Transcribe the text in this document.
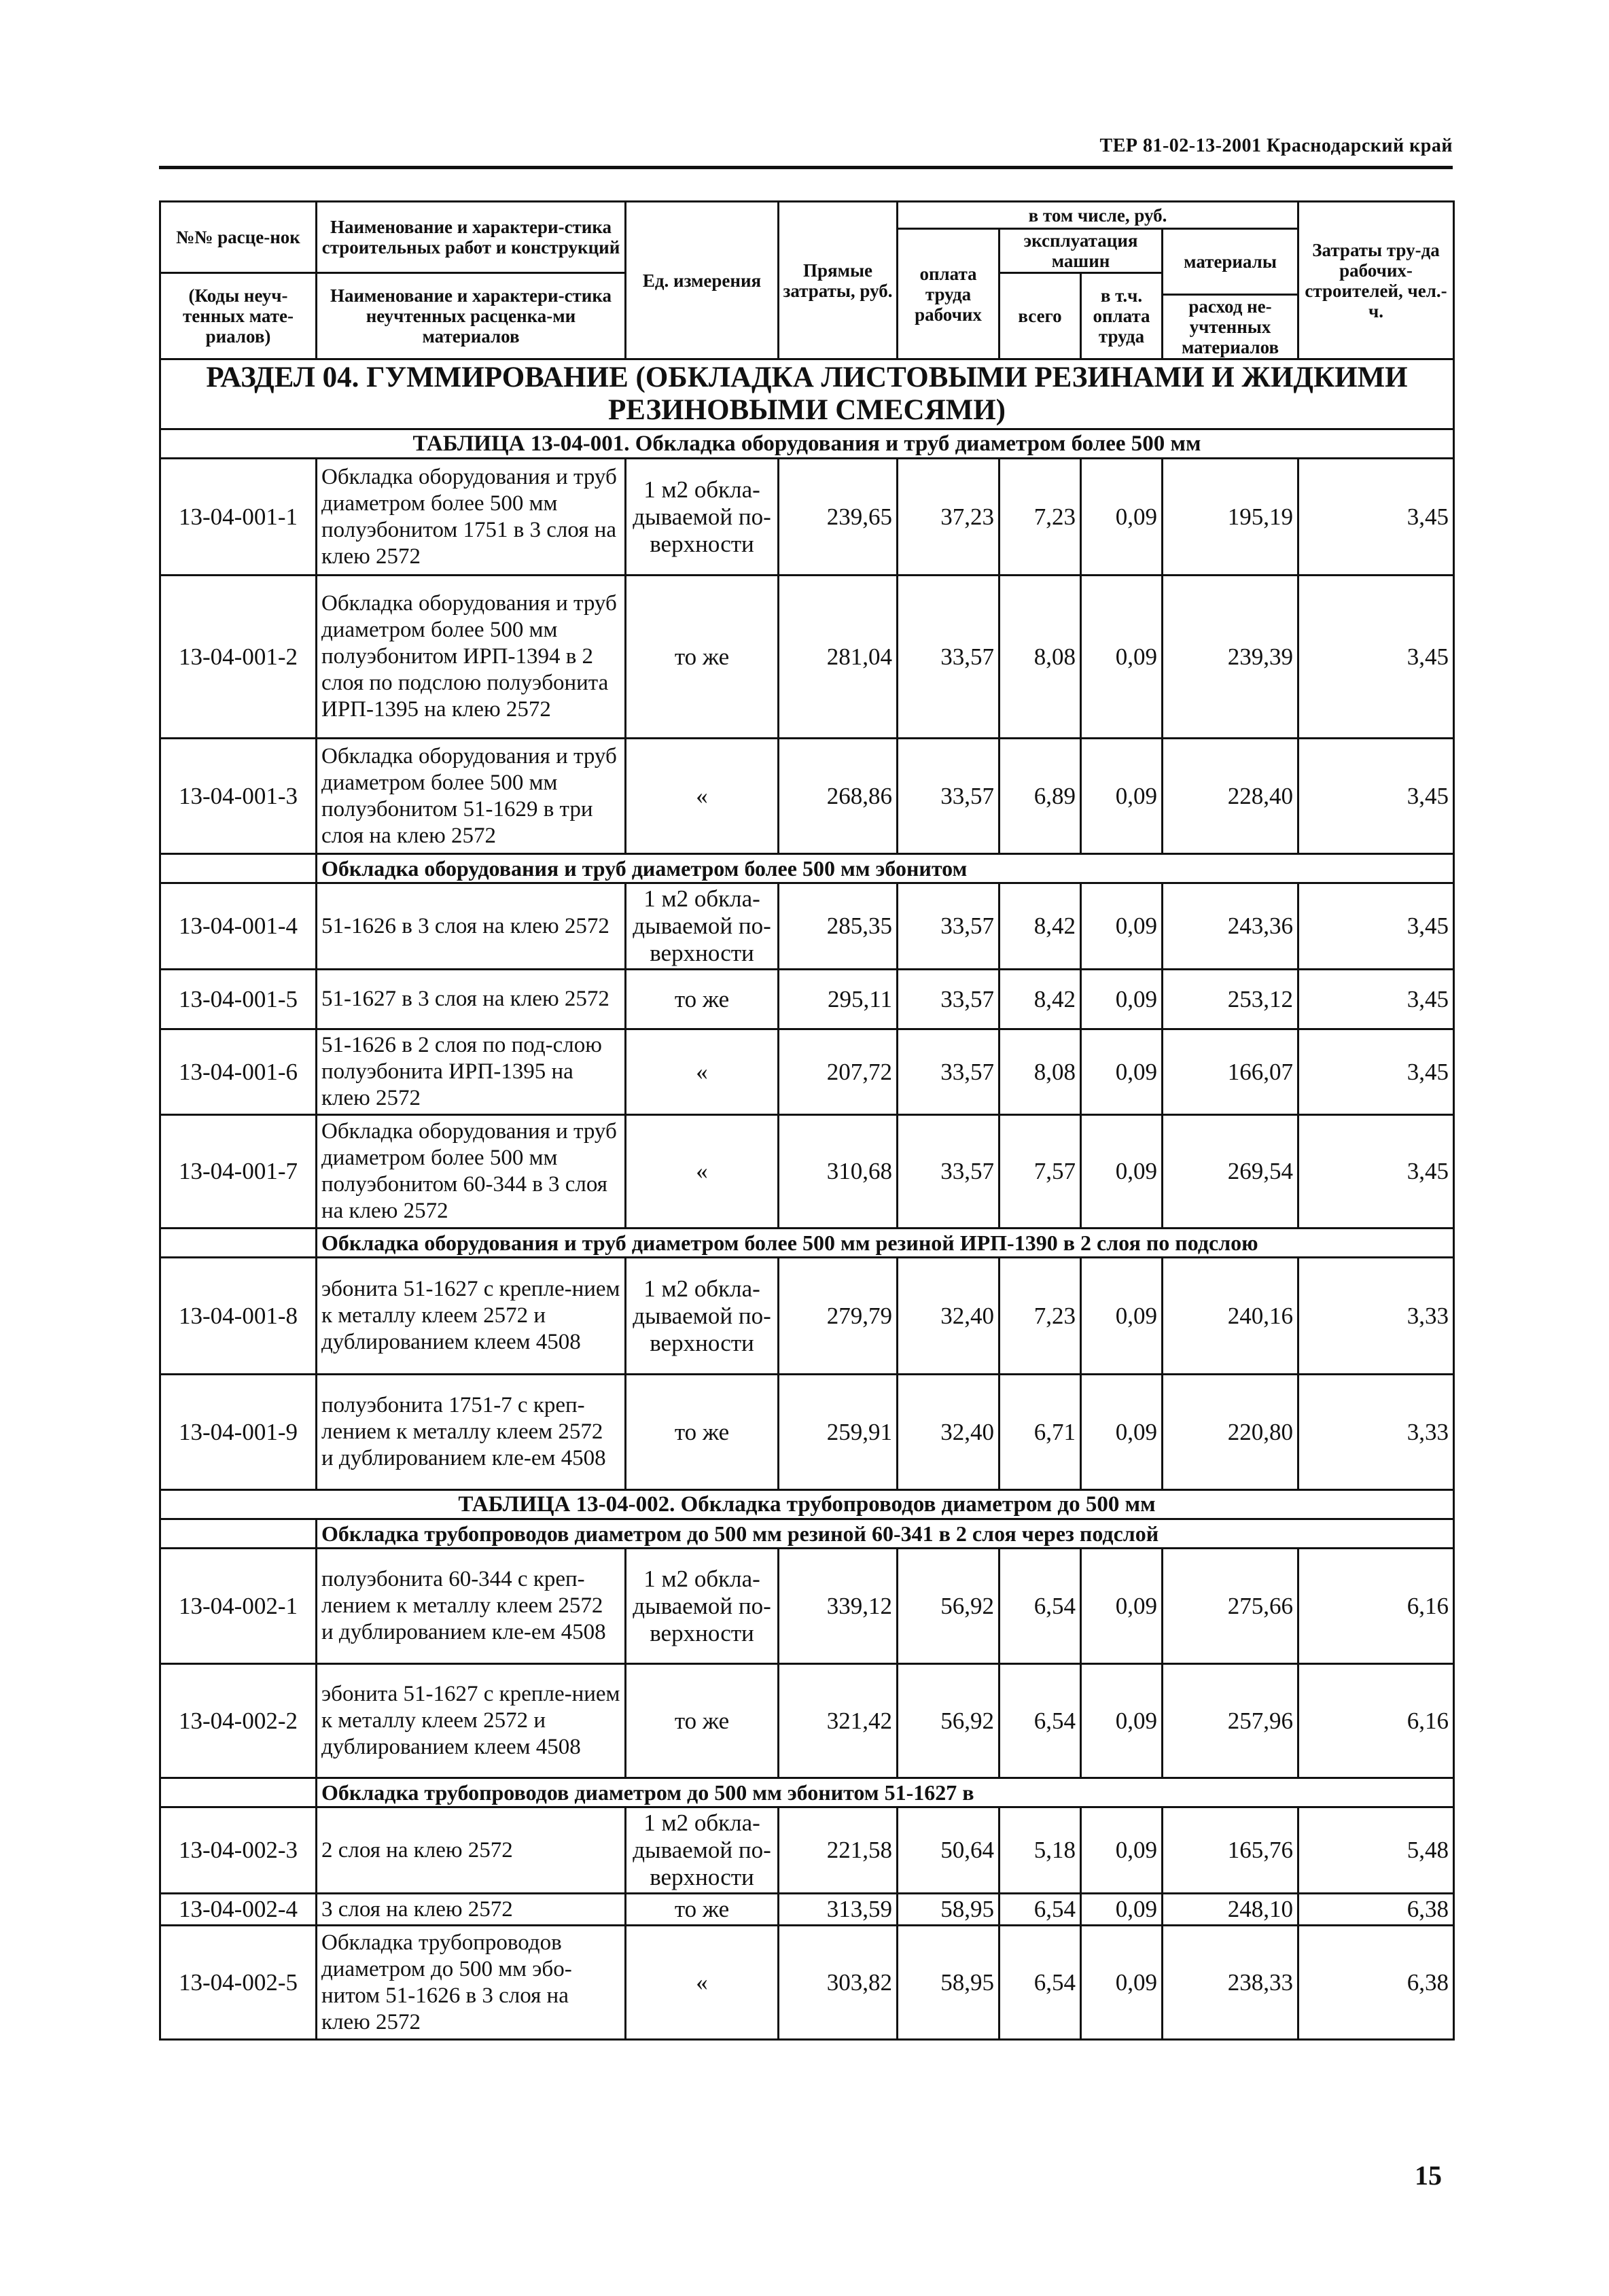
ТЕР 81-02-13-2001 Краснодарский край
№№ расце-нок	Наименование и характери-стика строительных работ и конструкций	Ед. измерения	Прямые затраты, руб.	в том числе, руб.				Затраты тру-да рабочих-строителей, чел.-ч.
				оплата труда рабочих	эксплуатация машин		материалы	

(Коды неуч-тенных мате-риалов)	Наименование и характери-стика неучтенных расценка-ми материалов				всего	в т.ч. оплата труда		
							расход не-учтенных материалов	

РАЗДЕЛ 04. ГУММИРОВАНИЕ (ОБКЛАДКА ЛИСТОВЫМИ РЕЗИНАМИ И ЖИДКИМИ РЕЗИНОВЫМИ СМЕСЯМИ)								
ТАБЛИЦА 13-04-001. Обкладка оборудования и труб диаметром более 500 мм								
13-04-001-1	Обкладка оборудования и труб диаметром более 500 мм полуэбонитом 1751 в 3 слоя на клею 2572	1 м2 обкла-дываемой по-верхности	239,65	37,23	7,23	0,09	195,19	3,45
13-04-001-2	Обкладка оборудования и труб диаметром более 500 мм полуэбонитом ИРП-1394 в 2 слоя по подслою полуэбонита ИРП-1395 на клею 2572	то же	281,04	33,57	8,08	0,09	239,39	3,45
13-04-001-3	Обкладка оборудования и труб диаметром более 500 мм полуэбонитом 51-1629 в три слоя на клею 2572	«	268,86	33,57	6,89	0,09	228,40	3,45
	Обкладка оборудования и труб диаметром более 500 мм эбонитом							
13-04-001-4	51-1626 в 3 слоя на клею 2572	1 м2 обкла-дываемой по-верхности	285,35	33,57	8,42	0,09	243,36	3,45
13-04-001-5	51-1627 в 3 слоя на клею 2572	то же	295,11	33,57	8,42	0,09	253,12	3,45
13-04-001-6	51-1626 в 2 слоя по под-слою полуэбонита ИРП-1395 на клею 2572	«	207,72	33,57	8,08	0,09	166,07	3,45
13-04-001-7	Обкладка оборудования и труб диаметром более 500 мм полуэбонитом 60-344 в 3 слоя на клею 2572	«	310,68	33,57	7,57	0,09	269,54	3,45
	Обкладка оборудования и труб диаметром более 500 мм резиной ИРП-1390 в 2 слоя по подслою							
13-04-001-8	эбонита 51-1627 с крепле-нием к металлу клеем 2572 и дублированием клеем 4508	1 м2 обкла-дываемой по-верхности	279,79	32,40	7,23	0,09	240,16	3,33
13-04-001-9	полуэбонита 1751-7 с креп-лением к металлу клеем 2572 и дублированием кле-ем 4508	то же	259,91	32,40	6,71	0,09	220,80	3,33
ТАБЛИЦА 13-04-002. Обкладка трубопроводов диаметром до 500 мм								
	Обкладка трубопроводов диаметром до 500 мм резиной 60-341 в 2 слоя через подслой							
13-04-002-1	полуэбонита 60-344 с креп-лением к металлу клеем 2572 и дублированием кле-ем 4508	1 м2 обкла-дываемой по-верхности	339,12	56,92	6,54	0,09	275,66	6,16
13-04-002-2	эбонита 51-1627 с крепле-нием к металлу клеем 2572 и дублированием клеем 4508	то же	321,42	56,92	6,54	0,09	257,96	6,16
	Обкладка трубопроводов диаметром до 500 мм эбонитом 51-1627 в							
13-04-002-3	2 слоя на клею 2572	1 м2 обкла-дываемой по-верхности	221,58	50,64	5,18	0,09	165,76	5,48
13-04-002-4	3 слоя на клею 2572	то же	313,59	58,95	6,54	0,09	248,10	6,38
13-04-002-5	Обкладка трубопроводов диаметром до 500 мм эбо-нитом 51-1626 в 3 слоя на клею 2572	«	303,82	58,95	6,54	0,09	238,33	6,38
15
